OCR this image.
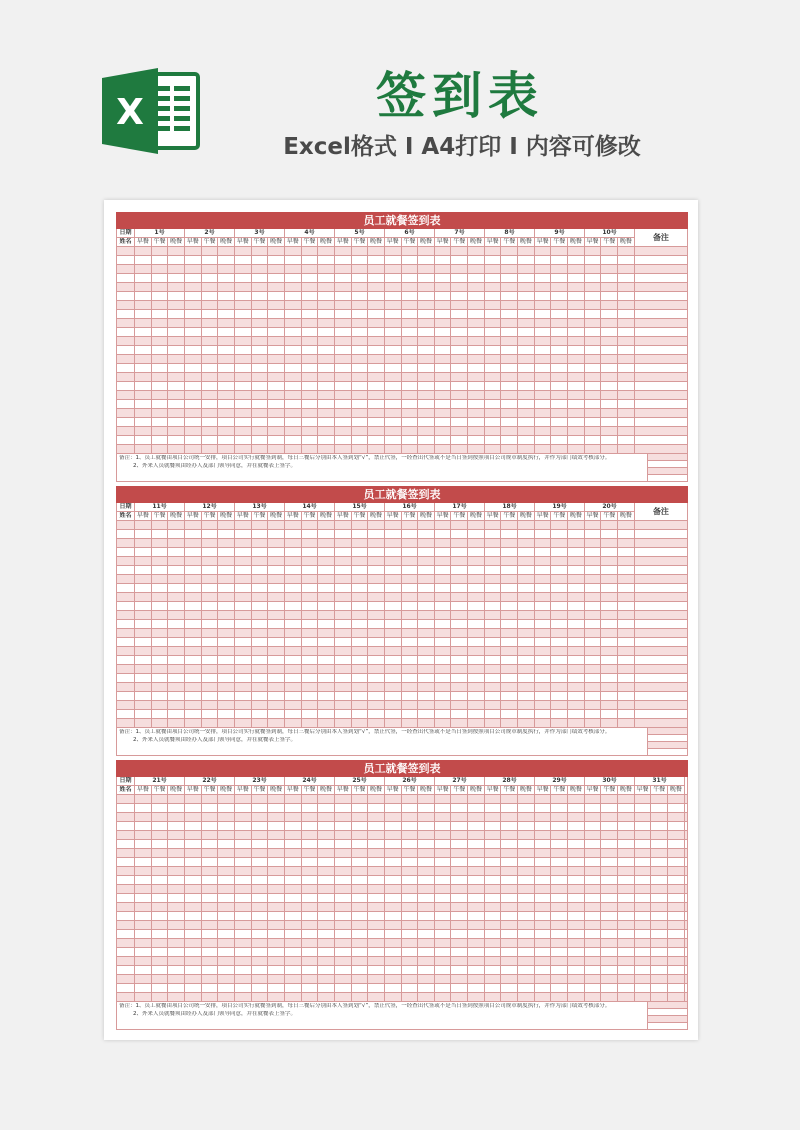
X	签到表
Excel格式 I A4打印 I 内容可修改
员工就餐签到表
日期	1号	2号	3号	4号	5号	6号	7号	8号	9号	10号
备注
姓名 早餐 午餐 晚餐 早餐 午餐 晚餐 早餐 午餐 晚餐 早餐 午餐 晚餐 早餐 午餐 晚餐 早餐 午餐 晚餐 早餐 午餐 晚餐 早餐 午餐 晚餐 早餐 午餐 晚餐 早餐 午餐 晚餐
备注：1、员工就餐由项目公司统一安排，项目公司实行就餐签到制，每日三餐后分别由本人签到划“√”，禁止代签，一经查出代签或不是当日签到按照项目公司规章制度执行，并作为部门绩效考核部分。
2、外来人员就餐须由经办人及部门领导同意，并在就餐表上签字。
员工就餐签到表
日期	11号	12号	13号	14号	15号	16号	17号	18号	19号	20号
备注
姓名 早餐 午餐 晚餐 早餐 午餐 晚餐 早餐 午餐 晚餐 早餐 午餐 晚餐 早餐 午餐 晚餐 早餐 午餐 晚餐 早餐 午餐 晚餐 早餐 午餐 晚餐 早餐 午餐 晚餐 早餐 午餐 晚餐
备注：1、员工就餐由项目公司统一安排，项目公司实行就餐签到制，每日三餐后分别由本人签到划“√”，禁止代签，一经查出代签或不是当日签到按照项目公司规章制度执行，并作为部门绩效考核部分。
2、外来人员就餐须由经办人及部门领导同意，并在就餐表上签字。
员工就餐签到表
日期	21号	22号	23号	24号	25号	26号	27号	28号	29号	30号	31号
姓名 早餐 午餐 晚餐 早餐 午餐 晚餐 早餐 午餐 晚餐 早餐 午餐 晚餐 早餐 午餐 晚餐 早餐 午餐 晚餐 早餐 午餐 晚餐 早餐 午餐 晚餐 早餐 午餐 晚餐 早餐 午餐 晚餐 早餐 午餐 晚餐
备注：1、员工就餐由项目公司统一安排，项目公司实行就餐签到制，每日三餐后分别由本人签到划“√”，禁止代签，一经查出代签或不是当日签到按照项目公司规章制度执行，并作为部门绩效考核部分。
2、外来人员就餐须由经办人及部门领导同意，并在就餐表上签字。
